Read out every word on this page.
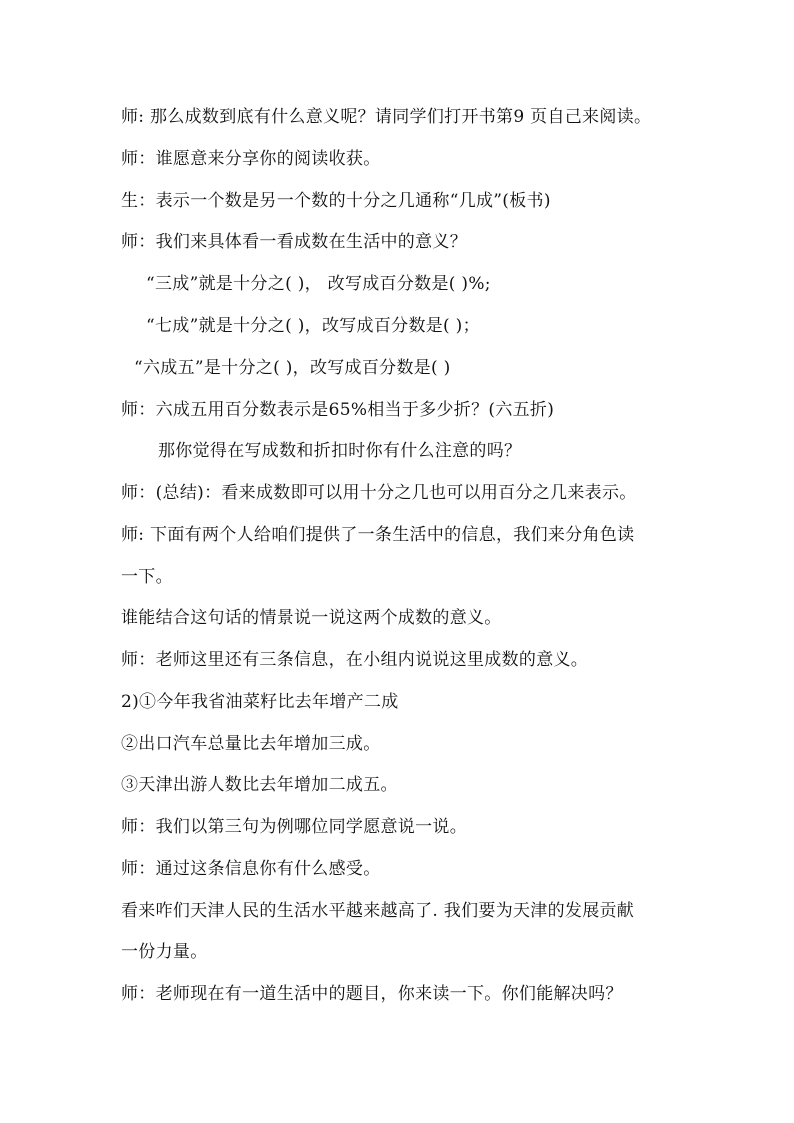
师: 那么成数到底有什么意义呢？请同学们打开书第9 页自己来阅读。
师：谁愿意来分享你的阅读收获。
生：表示一个数是另一个数的十分之几通称“几成”(板书)
师：我们来具体看一看成数在生活中的意义？
“三成”就是十分之( )， 改写成百分数是( )%;
“七成”就是十分之( )，改写成百分数是( )；
“六成五”是十分之( )，改写成百分数是( )
师：六成五用百分数表示是65%相当于多少折？(六五折)
那你觉得在写成数和折扣时你有什么注意的吗？
师：(总结)：看来成数即可以用十分之几也可以用百分之几来表示。
师: 下面有两个人给咱们提供了一条生活中的信息，我们来分角色读
一下。
谁能结合这句话的情景说一说这两个成数的意义。
师：老师这里还有三条信息，在小组内说说这里成数的意义。
2)①今年我省油菜籽比去年增产二成
②出口汽车总量比去年增加三成。
③天津出游人数比去年增加二成五。
师：我们以第三句为例哪位同学愿意说一说。
师：通过这条信息你有什么感受。
看来咋们天津人民的生活水平越来越高了. 我们要为天津的发展贡献
一份力量。
师：老师现在有一道生活中的题目，你来读一下。你们能解决吗？
